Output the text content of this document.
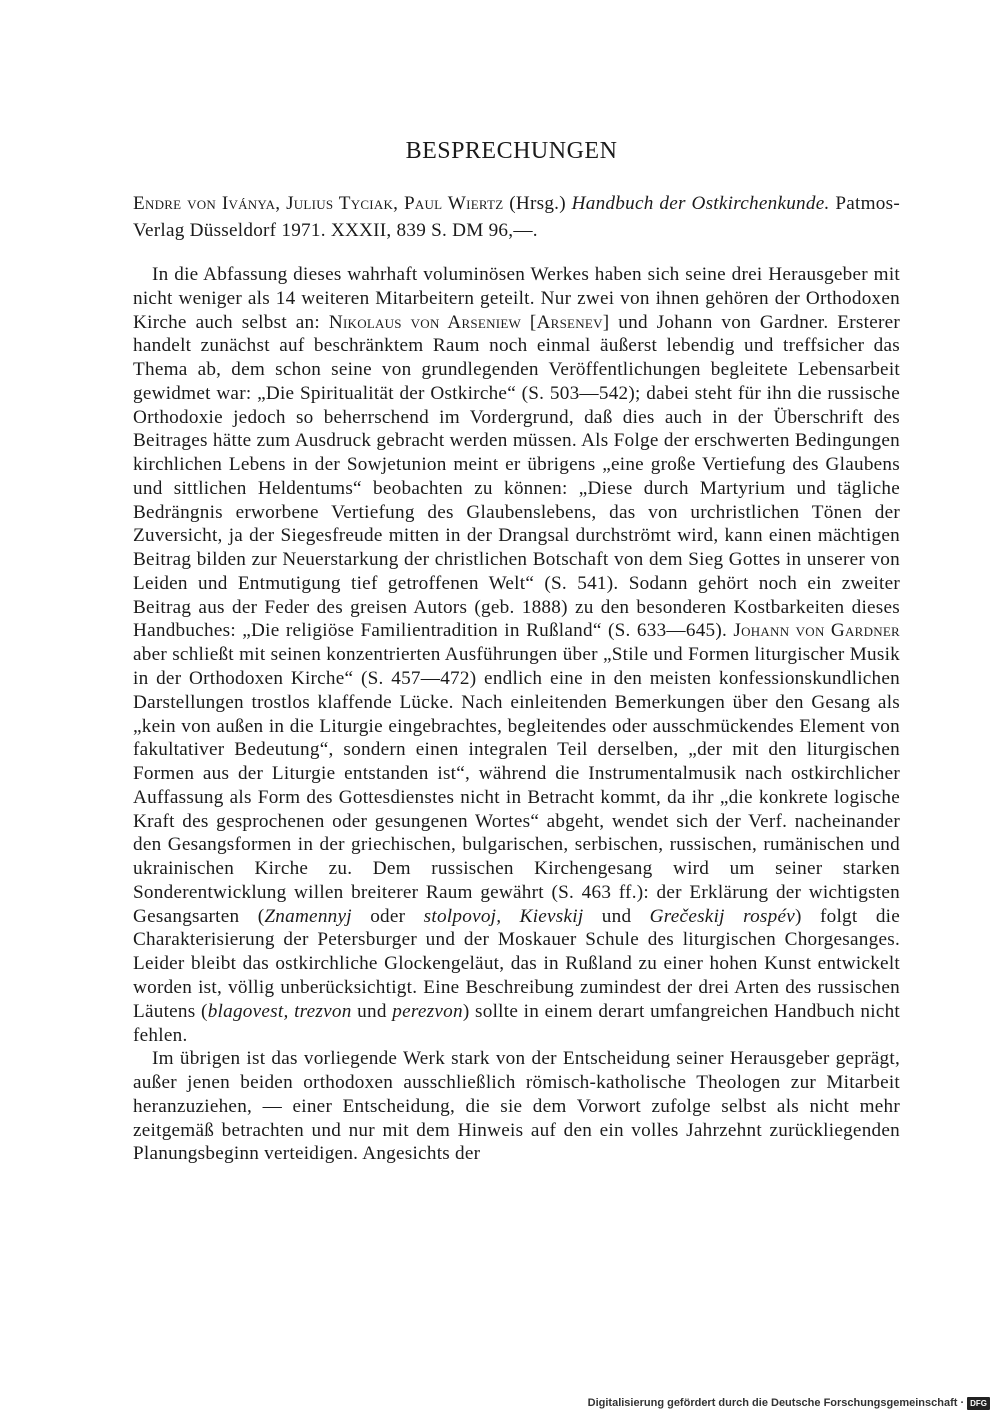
BESPRECHUNGEN
Endre von Iványa, Julius Tyciak, Paul Wiertz (Hrsg.) Handbuch der Ostkirchenkunde. Patmos-Verlag Düsseldorf 1971. XXXII, 839 S. DM 96,—.

In die Abfassung dieses wahrhaft voluminösen Werkes haben sich seine drei Herausgeber mit nicht weniger als 14 weiteren Mitarbeitern geteilt. Nur zwei von ihnen gehören der Orthodoxen Kirche auch selbst an: Nikolaus von Arseniew [Arsenev] und Johann von Gardner. Ersterer handelt zunächst auf beschränktem Raum noch einmal äußerst lebendig und treffsicher das Thema ab, dem schon seine von grundlegenden Veröffentlichungen begleitete Lebensarbeit gewidmet war: „Die Spiritualität der Ostkirche“ (S. 503—542); dabei steht für ihn die russische Orthodoxie jedoch so beherrschend im Vordergrund, daß dies auch in der Überschrift des Beitrages hätte zum Ausdruck gebracht werden müssen. Als Folge der erschwerten Bedingungen kirchlichen Lebens in der Sowjetunion meint er übrigens „eine große Vertiefung des Glaubens und sittlichen Heldentums“ beobachten zu können: „Diese durch Martyrium und tägliche Bedrängnis erworbene Vertiefung des Glaubenslebens, das von urchristlichen Tönen der Zuversicht, ja der Siegesfreude mitten in der Drangsal durchströmt wird, kann einen mächtigen Beitrag bilden zur Neuerstarkung der christlichen Botschaft von dem Sieg Gottes in unserer von Leiden und Entmutigung tief getroffenen Welt“ (S. 541). Sodann gehört noch ein zweiter Beitrag aus der Feder des greisen Autors (geb. 1888) zu den besonderen Kostbarkeiten dieses Handbuches: „Die religiöse Familientradition in Rußland“ (S. 633—645). Johann von Gardner aber schließt mit seinen konzentrierten Ausführungen über „Stile und Formen liturgischer Musik in der Orthodoxen Kirche“ (S. 457—472) endlich eine in den meisten konfessionskundlichen Darstellungen trostlos klaffende Lücke. Nach einleitenden Bemerkungen über den Gesang als „kein von außen in die Liturgie eingebrachtes, begleitendes oder ausschmückendes Element von fakultativer Bedeutung“, sondern einen integralen Teil derselben, „der mit den liturgischen Formen aus der Liturgie entstanden ist“, während die Instrumentalmusik nach ostkirchlicher Auffassung als Form des Gottesdienstes nicht in Betracht kommt, da ihr „die konkrete logische Kraft des gesprochenen oder gesungenen Wortes“ abgeht, wendet sich der Verf. nacheinander den Gesangsformen in der griechischen, bulgarischen, serbischen, russischen, rumänischen und ukrainischen Kirche zu. Dem russischen Kirchengesang wird um seiner starken Sonderentwicklung willen breiterer Raum gewährt (S. 463 ff.): der Erklärung der wichtigsten Gesangsarten (Znamennyj oder stolpovoj, Kievskij und Grečeskij rospév) folgt die Charakterisierung der Petersburger und der Moskauer Schule des liturgischen Chorgesanges. Leider bleibt das ostkirchliche Glockengeläut, das in Rußland zu einer hohen Kunst entwickelt worden ist, völlig unberücksichtigt. Eine Beschreibung zumindest der drei Arten des russischen Läutens (blagovest, trezvon und perezvon) sollte in einem derart umfangreichen Handbuch nicht fehlen.

Im übrigen ist das vorliegende Werk stark von der Entscheidung seiner Herausgeber geprägt, außer jenen beiden orthodoxen ausschließlich römisch-katholische Theologen zur Mitarbeit heranzuziehen, — einer Entscheidung, die sie dem Vorwort zufolge selbst als nicht mehr zeitgemäß betrachten und nur mit dem Hinweis auf den ein volles Jahrzehnt zurückliegenden Planungsbeginn verteidigen. Angesichts der

Digitalisierung gefördert durch die Deutsche Forschungsgemeinschaft · DFG
